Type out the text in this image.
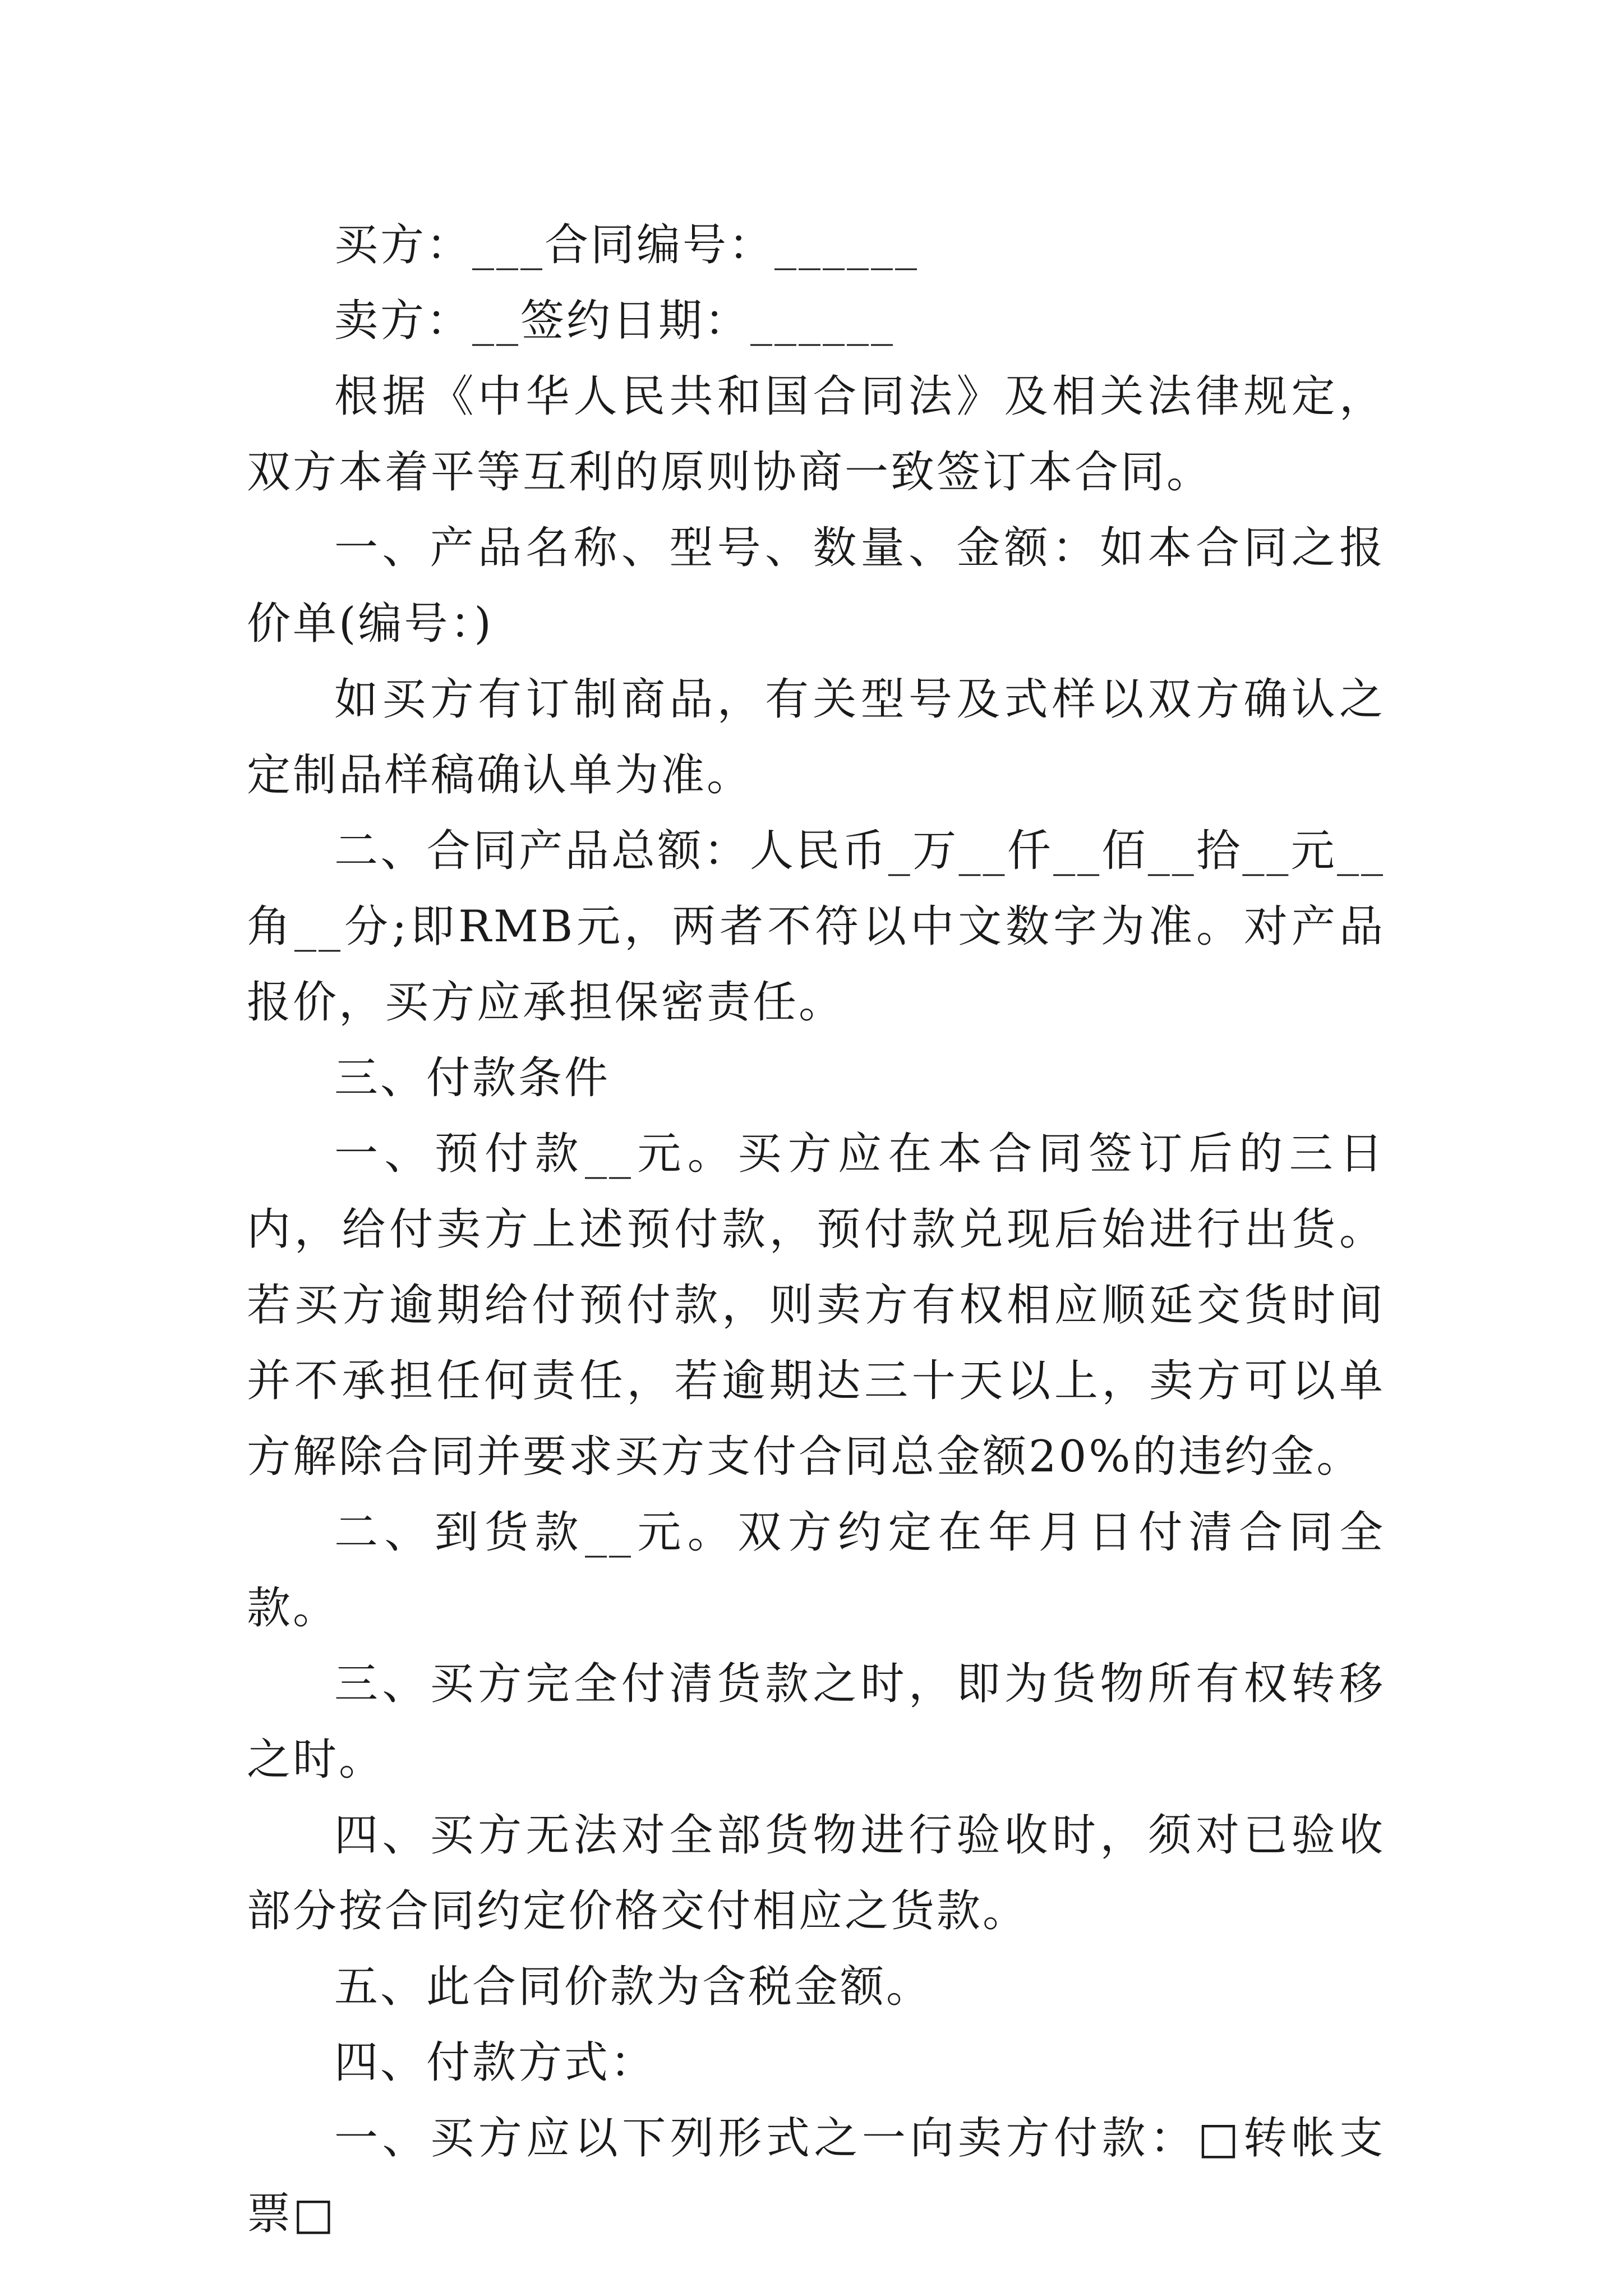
买方：___合同编号：______

卖方：__签约日期：______

根据《中华人民共和国合同法》及相关法律规定，双方本着平等互利的原则协商一致签订本合同。

一、产品名称、型号、数量、金额：如本合同之报价单(编号：)

如买方有订制商品，有关型号及式样以双方确认之定制品样稿确认单为准。

二、合同产品总额：人民币_万__仟__佰__拾__元__角__分;即RMB元，两者不符以中文数字为准。对产品报价，买方应承担保密责任。

三、付款条件

一、预付款__元。买方应在本合同签订后的三日内，给付卖方上述预付款，预付款兑现后始进行出货。若买方逾期给付预付款，则卖方有权相应顺延交货时间并不承担任何责任，若逾期达三十天以上，卖方可以单方解除合同并要求买方支付合同总金额20%的违约金。

二、到货款__元。双方约定在年月日付清合同全款。

三、买方完全付清货款之时，即为货物所有权转移之时。

四、买方无法对全部货物进行验收时，须对已验收部分按合同约定价格交付相应之货款。

五、此合同价款为含税金额。

四、付款方式：

一、买方应以下列形式之一向卖方付款：□转帐支票□
